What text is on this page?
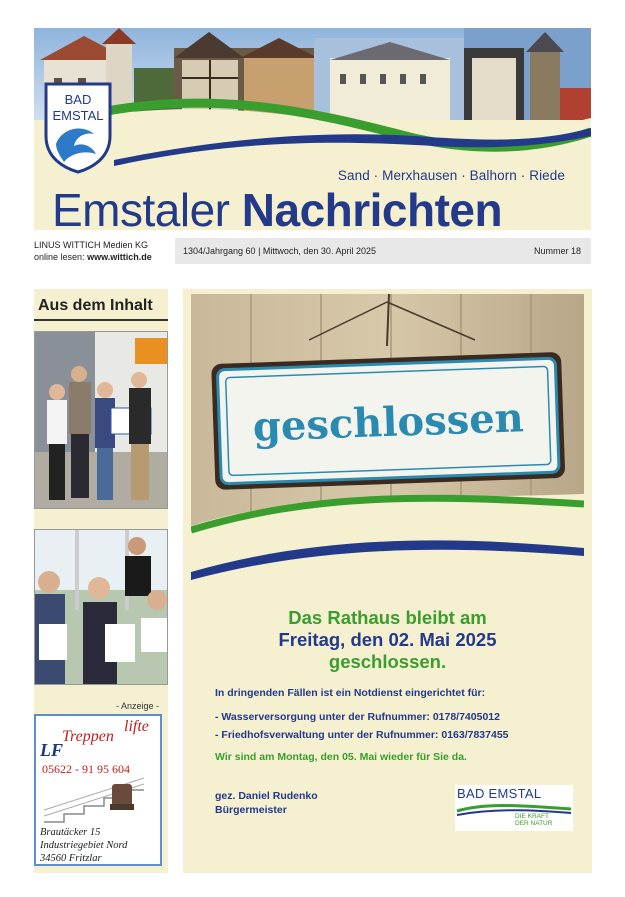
BAD
EMSTAL
Sand · Merxhausen · Balhorn · Riede
Emstaler Nachrichten
LINUS WITTICH Medien KG
online lesen: www.wittich.de
1304/Jahrgang 60 | Mittwoch, den 30. April 2025	Nummer 18
Aus dem Inhalt
- Anzeige -
lifte
Treppen
LF
05622 - 91 95 604
Brautäcker 15
Industriegebiet Nord
34560 Fritzlar
geschlossen
Das Rathaus bleibt am
Freitag, den 02. Mai 2025
geschlossen.
In dringenden Fällen ist ein Notdienst eingerichtet für:
- Wasserversorgung unter der Rufnummer: 0178/7405012
- Friedhofsverwaltung unter der Rufnummer: 0163/7837455
Wir sind am Montag, den 05. Mai wieder für Sie da.
gez. Daniel Rudenko
Bürgermeister
BAD EMSTAL
DIE KRAFT
DER NATUR
